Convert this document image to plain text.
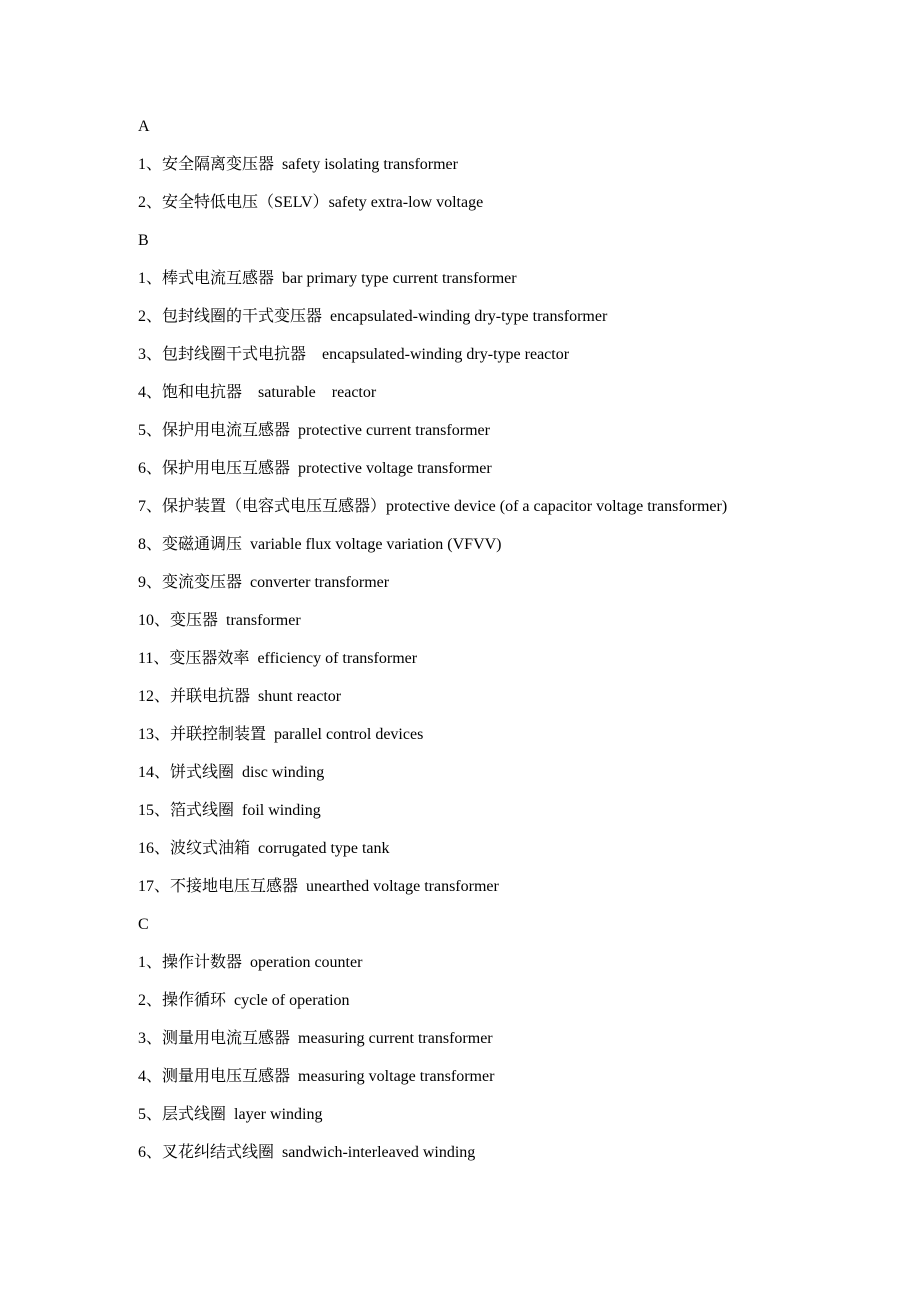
A
1、安全隔离变压器 safety isolating transformer
2、安全特低电压（SELV）safety extra-low voltage
B
1、棒式电流互感器 bar primary type current transformer
2、包封线圈的干式变压器 encapsulated-winding dry-type transformer
3、包封线圈干式电抗器 encapsulated-winding dry-type reactor
4、饱和电抗器 saturable    reactor
5、保护用电流互感器 protective current transformer
6、保护用电压互感器 protective voltage transformer
7、保护装置（电容式电压互感器）protective device (of a capacitor voltage transformer)
8、变磁通调压 variable flux voltage variation (VFVV)
9、变流变压器 converter transformer
10、变压器 transformer
11、变压器效率 efficiency of transformer
12、并联电抗器 shunt reactor
13、并联控制装置 parallel control devices
14、饼式线圈 disc winding
15、箔式线圈 foil winding
16、波纹式油箱 corrugated type tank
17、不接地电压互感器 unearthed voltage transformer
C
1、操作计数器 operation counter
2、操作循环 cycle of operation
3、测量用电流互感器 measuring current transformer
4、测量用电压互感器 measuring voltage transformer
5、层式线圈 layer winding
6、叉花纠结式线圈 sandwich-interleaved winding
